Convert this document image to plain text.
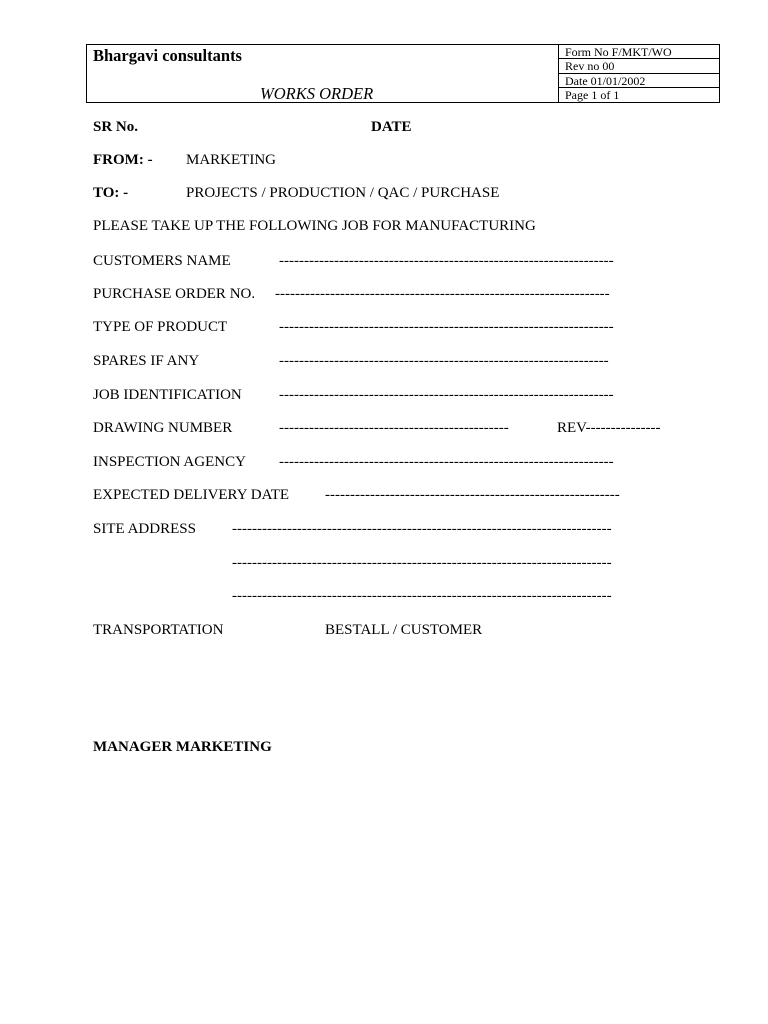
Bhargavi consultants
WORKS ORDER
Form No F/MKT/WO
Rev no 00
Date 01/01/2002
Page 1 of 1
SR No.	DATE
FROM: - MARKETING
TO: -	PROJECTS / PRODUCTION / QAC / PURCHASE
PLEASE TAKE UP THE FOLLOWING JOB FOR MANUFACTURING
CUSTOMERS NAME	-------------------------------------------------------------------
PURCHASE ORDER NO. -------------------------------------------------------------------
TYPE OF PRODUCT	-------------------------------------------------------------------
SPARES IF ANY	------------------------------------------------------------------
JOB IDENTIFICATION -------------------------------------------------------------------
DRAWING NUMBER	----------------------------------------------	REV---------------
INSPECTION AGENCY -------------------------------------------------------------------
EXPECTED DELIVERY DATE -----------------------------------------------------------
SITE ADDRESS ----------------------------------------------------------------------------
----------------------------------------------------------------------------
----------------------------------------------------------------------------
TRANSPORTATION	BESTALL / CUSTOMER
MANAGER MARKETING
